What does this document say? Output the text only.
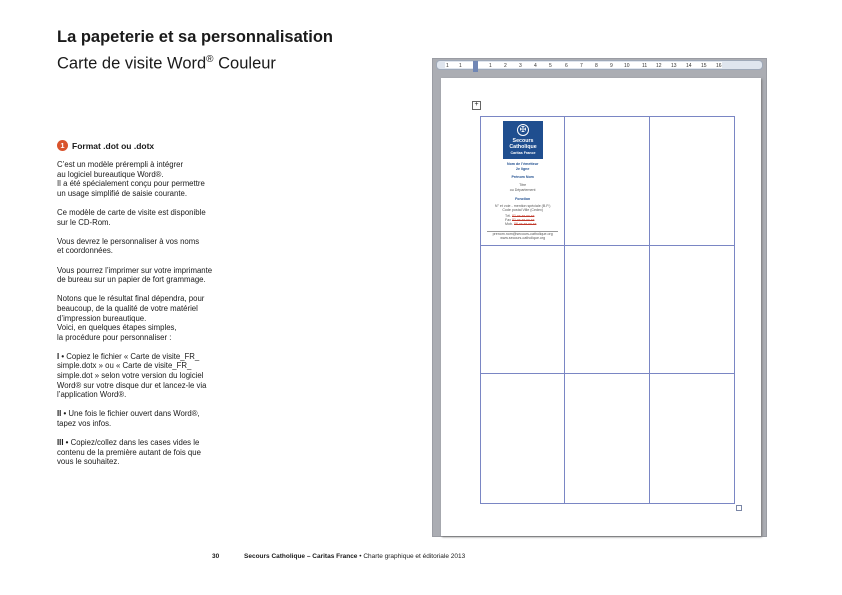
La papeterie et sa personnalisation
Carte de visite Word® Couleur
1 Format .dot ou .dotx

C’est un modèle prérempli à intégrer
au logiciel bureautique Word®.
Il a été spécialement conçu pour permettre
un usage simplifié de saisie courante.

Ce modèle de carte de visite est disponible
sur le CD-Rom.

Vous devrez le personnaliser à vos noms
et coordonnées.

Vous pourrez l’imprimer sur votre imprimante
de bureau sur un papier de fort grammage.

Notons que le résultat final dépendra, pour
beaucoup, de la qualité de votre matériel
d’impression bureautique.
Voici, en quelques étapes simples,
la procédure pour personnaliser :

I • Copiez le fichier « Carte de visite_FR_
simple.dotx » ou « Carte de visite_FR_
simple.dot » selon votre version du logiciel
Word® sur votre disque dur et lancez-le via
l’application Word®.
II • Une fois le fichier ouvert dans Word®,
tapez vos infos.
III • Copiez/collez dans les cases vides le
contenu de la première autant de fois que
vous le souhaitez.
1 1	1 2 3 4 5	6 7 8 9 10 11 12 13 14 15 16
+
✠
Secours
Catholique
Caritas France
Nom de l’émetteur
2e ligne
Prénom Nom
Titre
ou Département
Fonction
N° et voie - mention spéciale (B.P.)
Code postal Ville (Cedex)
Tél. 01 xx xx xx xx
Fax 01 xx xx xx xx
Mob. 06 xx xx xx xx
prenom.nom@secours-catholique.org
www.secours-catholique.org
30	Secours Catholique – Caritas France • Charte graphique et éditoriale 2013
